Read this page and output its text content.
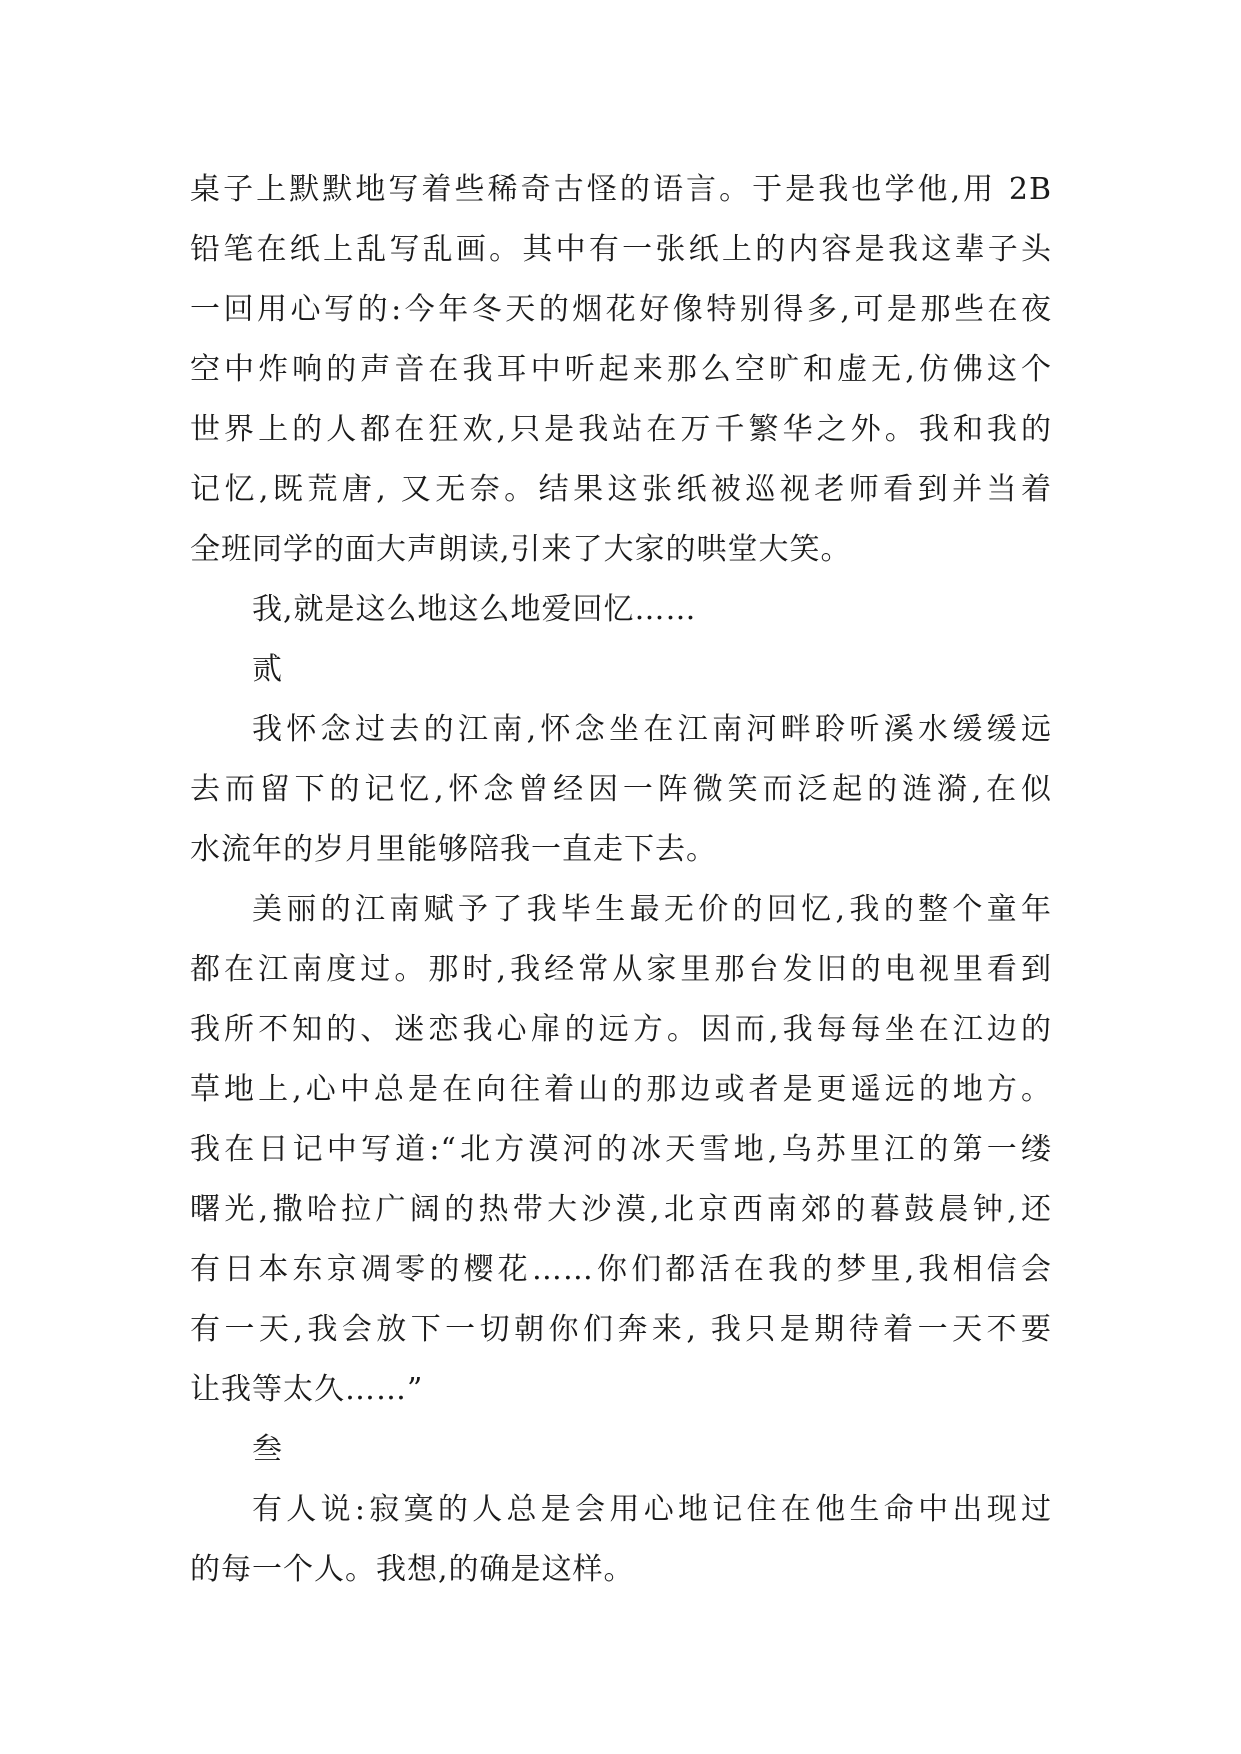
桌子上默默地写着些稀奇古怪的语言。于是我也学他,用 2B
铅笔在纸上乱写乱画。其中有一张纸上的内容是我这辈子头
一回用心写的:今年冬天的烟花好像特别得多,可是那些在夜
空中炸响的声音在我耳中听起来那么空旷和虚无,仿佛这个
世界上的人都在狂欢,只是我站在万千繁华之外。我和我的
记忆,既荒唐, 又无奈。结果这张纸被巡视老师看到并当着
全班同学的面大声朗读,引来了大家的哄堂大笑。
我,就是这么地这么地爱回忆……
贰
我怀念过去的江南,怀念坐在江南河畔聆听溪水缓缓远
去而留下的记忆,怀念曾经因一阵微笑而泛起的涟漪,在似
水流年的岁月里能够陪我一直走下去。
美丽的江南赋予了我毕生最无价的回忆,我的整个童年
都在江南度过。那时,我经常从家里那台发旧的电视里看到
我所不知的、迷恋我心扉的远方。因而,我每每坐在江边的
草地上,心中总是在向往着山的那边或者是更遥远的地方。
我在日记中写道:“北方漠河的冰天雪地,乌苏里江的第一缕
曙光,撒哈拉广阔的热带大沙漠,北京西南郊的暮鼓晨钟,还
有日本东京凋零的樱花……你们都活在我的梦里,我相信会
有一天,我会放下一切朝你们奔来, 我只是期待着一天不要
让我等太久……”
叁
有人说:寂寞的人总是会用心地记住在他生命中出现过
的每一个人。我想,的确是这样。
